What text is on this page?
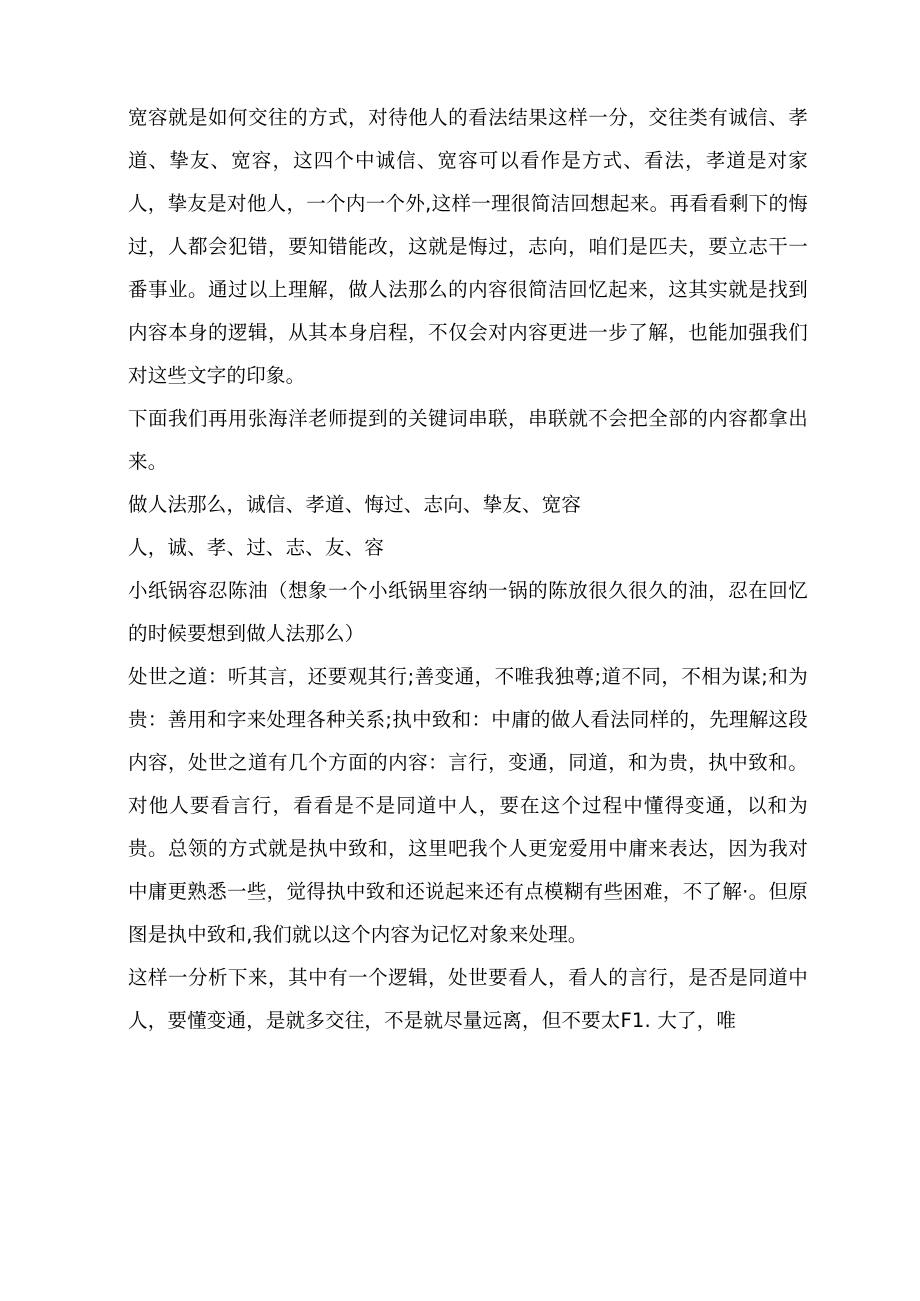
宽容就是如何交往的方式，对待他人的看法结果这样一分，交往类有诚信、孝道、挚友、宽容，这四个中诚信、宽容可以看作是方式、看法，孝道是对家人，挚友是对他人，一个内一个外,这样一理很简洁回想起来。再看看剩下的悔过，人都会犯错，要知错能改，这就是悔过，志向，咱们是匹夫，要立志干一番事业。通过以上理解，做人法那么的内容很简洁回忆起来，这其实就是找到内容本身的逻辑，从其本身启程，不仅会对内容更进一步了解，也能加强我们对这些文字的印象。

下面我们再用张海洋老师提到的关键词串联，串联就不会把全部的内容都拿出来。

做人法那么，诚信、孝道、悔过、志向、挚友、宽容

人，诚、孝、过、志、友、容

小纸锅容忍陈油（想象一个小纸锅里容纳一锅的陈放很久很久的油，忍在回忆的时候要想到做人法那么）

处世之道：听其言，还要观其行;善变通，不唯我独尊;道不同，不相为谋;和为贵：善用和字来处理各种关系;执中致和：中庸的做人看法同样的，先理解这段内容，处世之道有几个方面的内容：言行，变通，同道，和为贵，执中致和。对他人要看言行，看看是不是同道中人，要在这个过程中懂得变通，以和为贵。总领的方式就是执中致和，这里吧我个人更宠爱用中庸来表达，因为我对中庸更熟悉一些，觉得执中致和还说起来还有点模糊有些困难，不了解·。但原图是执中致和,我们就以这个内容为记忆对象来处理。

这样一分析下来，其中有一个逻辑，处世要看人，看人的言行，是否是同道中人，要懂变通，是就多交往，不是就尽量远离，但不要太F1. 大了，唯
